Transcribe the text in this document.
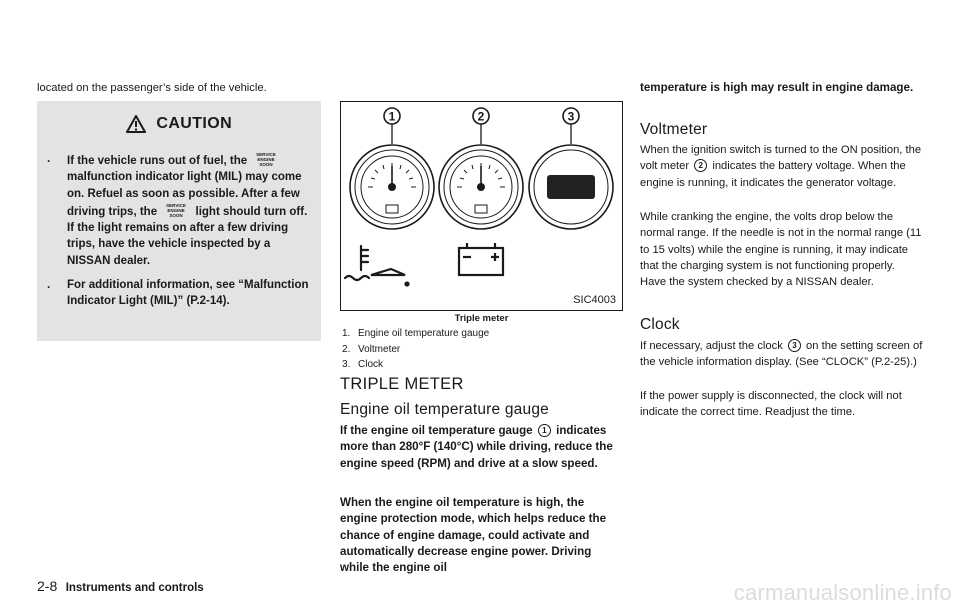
located on the passenger’s side of the vehicle.

CAUTION
. If the vehicle runs out of fuel, the
SERVICE
ENGINE
SOON
malfunction indicator light (MIL) may come on. Refuel as soon as possible. After a few driving trips, the
SERVICE
ENGINE
SOON light should turn off. If the light remains on after a few driving trips, have the vehicle inspected by a NISSAN dealer.
. For additional information, see “Malfunction Indicator Light (MIL)” (P.2-14).
1	2	3
SIC4003
Triple meter
1. Engine oil temperature gauge
2. Voltmeter
3. Clock
TRIPLE METER
Engine oil temperature gauge

If the engine oil temperature gauge 1 indicates more than 280°F (140°C) while driving, reduce the engine speed (RPM) and drive at a slow speed.

When the engine oil temperature is high, the engine protection mode, which helps reduce the chance of engine damage, could activate and automatically decrease engine power. Driving while the engine oil

temperature is high may result in engine damage.

Voltmeter

When the ignition switch is turned to the ON position, the volt meter 2 indicates the battery voltage. When the engine is running, it indicates the generator voltage.

While cranking the engine, the volts drop below the normal range. If the needle is not in the normal range (11 to 15 volts) while the engine is running, it may indicate that the charging system is not functioning properly. Have the system checked by a NISSAN dealer.

Clock

If necessary, adjust the clock 3 on the setting screen of the vehicle information display. (See “CLOCK” (P.2-25).)

If the power supply is disconnected, the clock will not indicate the correct time. Readjust the time.

2-8 Instruments and controls	carmanualsonline.info
